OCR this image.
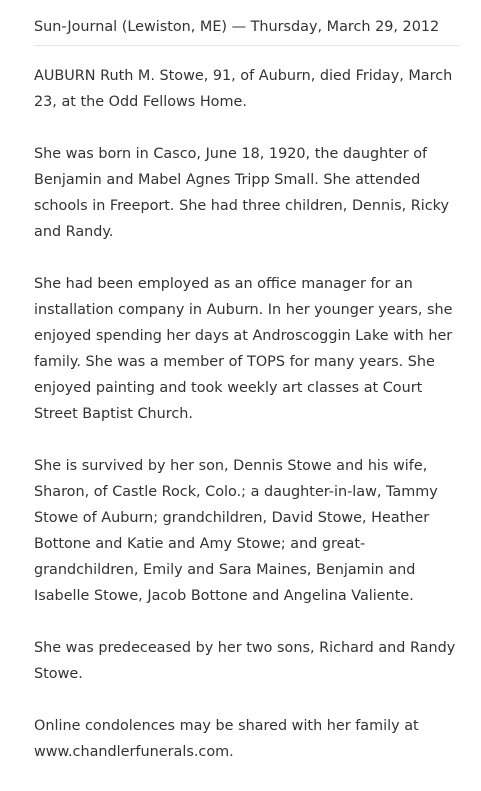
Sun-Journal (Lewiston, ME) — Thursday, March 29, 2012

AUBURN Ruth M. Stowe, 91, of Auburn, died Friday, March 23, at the Odd Fellows Home.

She was born in Casco, June 18, 1920, the daughter of Benjamin and Mabel Agnes Tripp Small. She attended schools in Freeport. She had three children, Dennis, Ricky and Randy.

She had been employed as an office manager for an installation company in Auburn. In her younger years, she enjoyed spending her days at Androscoggin Lake with her family. She was a member of TOPS for many years. She enjoyed painting and took weekly art classes at Court Street Baptist Church.

She is survived by her son, Dennis Stowe and his wife, Sharon, of Castle Rock, Colo.; a daughter-in-law, Tammy Stowe of Auburn; grandchildren, David Stowe, Heather Bottone and Katie and Amy Stowe; and great-grandchildren, Emily and Sara Maines, Benjamin and Isabelle Stowe, Jacob Bottone and Angelina Valiente.

She was predeceased by her two sons, Richard and Randy Stowe.

Online condolences may be shared with her family at www.chandlerfunerals.com.
